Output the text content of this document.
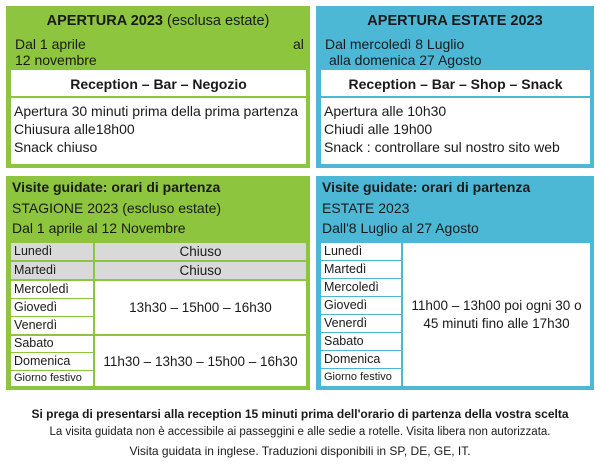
APERTURA 2023 (esclusa estate)
Dal 1 aprile	al
12 novembre
Reception – Bar – Negozio
Apertura 30 minuti prima della prima partenza
Chiusura alle18h00
Snack chiuso
APERTURA ESTATE 2023
Dal mercoledì 8 Luglio
alla domenica 27 Agosto
Reception – Bar – Shop – Snack
Apertura alle 10h30
Chiudi alle 19h00
Snack : controllare sul nostro sito web
Visite guidate: orari di partenza
STAGIONE 2023 (escluso estate)
Dal 1 aprile al 12 Novembre
Lunedì
Martedì
Mercoledì
Giovedì
Venerdì
Sabato
Domenica
Giorno festivo
Chiuso
Chiuso
13h30 – 15h00 – 16h30
11h30 – 13h30 – 15h00 – 16h30
Visite guidate: orari di partenza
ESTATE 2023
Dall'8 Luglio al 27 Agosto
Lunedì
Martedì
Mercoledì
Giovedì
Venerdì
Sabato
Domenica
Giorno festivo
11h00 – 13h00 poi ogni 30 o
45 minuti fino alle 17h30
Si prega di presentarsi alla reception 15 minuti prima dell'orario di partenza della vostra scelta
La visita guidata non è accessibile ai passeggini e alle sedie a rotelle. Visita libera non autorizzata.
Visita guidata in inglese. Traduzioni disponibili in SP, DE, GE, IT.
